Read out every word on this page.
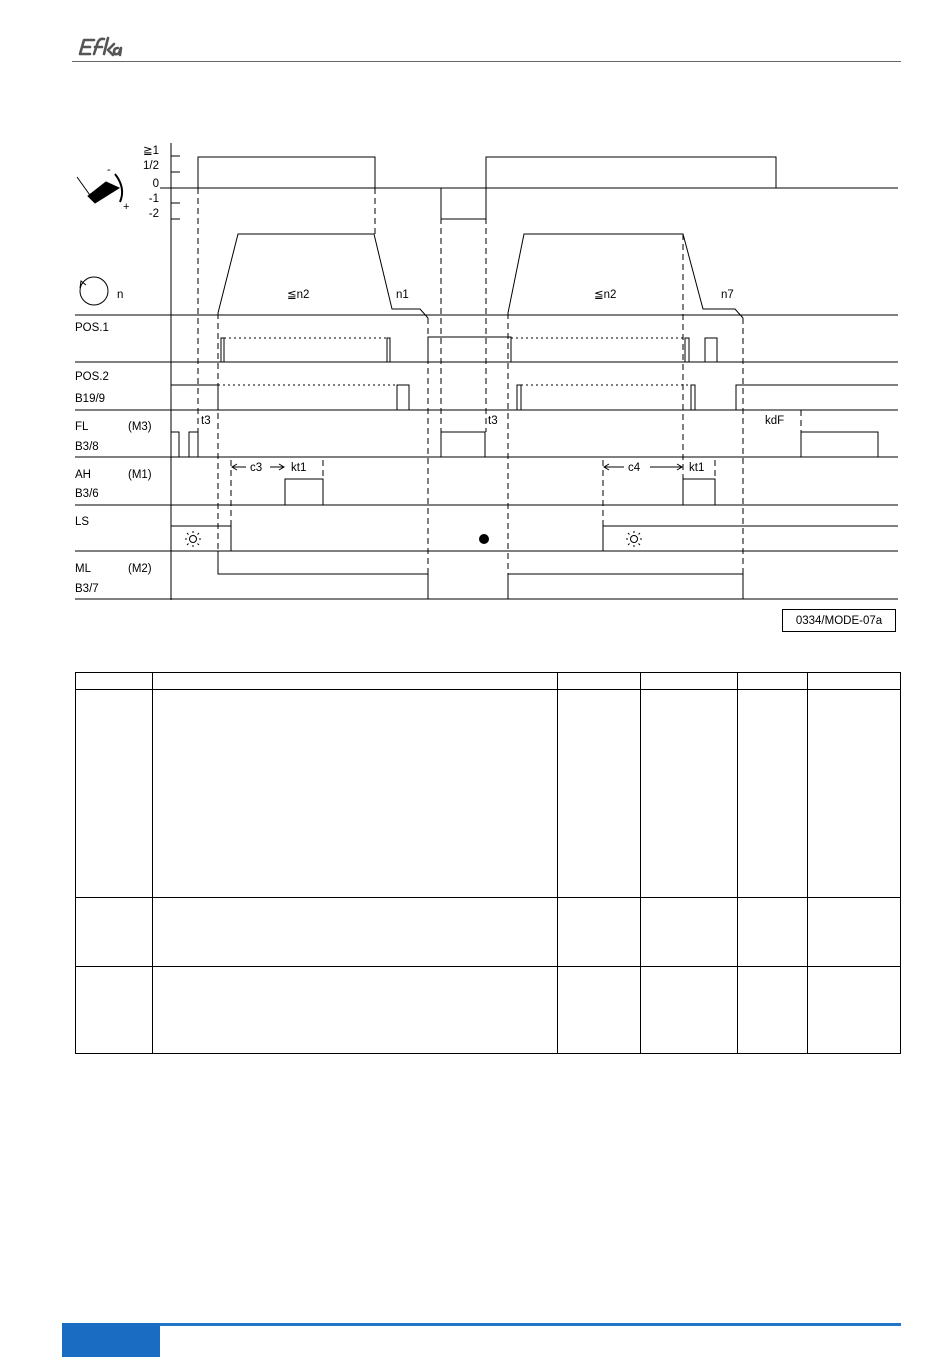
-
+
n
≧1
1/2
0
-1
-2
≦n2	≦n2
n1	n7
POS.1
POS.2
B19/9
FL	(M3)
B3/8
AH	(M1)
B3/6
LS
ML	(M2)
B3/7
t3	t3	kdF
c3	kt1	c4	kt1
0334/MODE-07a
